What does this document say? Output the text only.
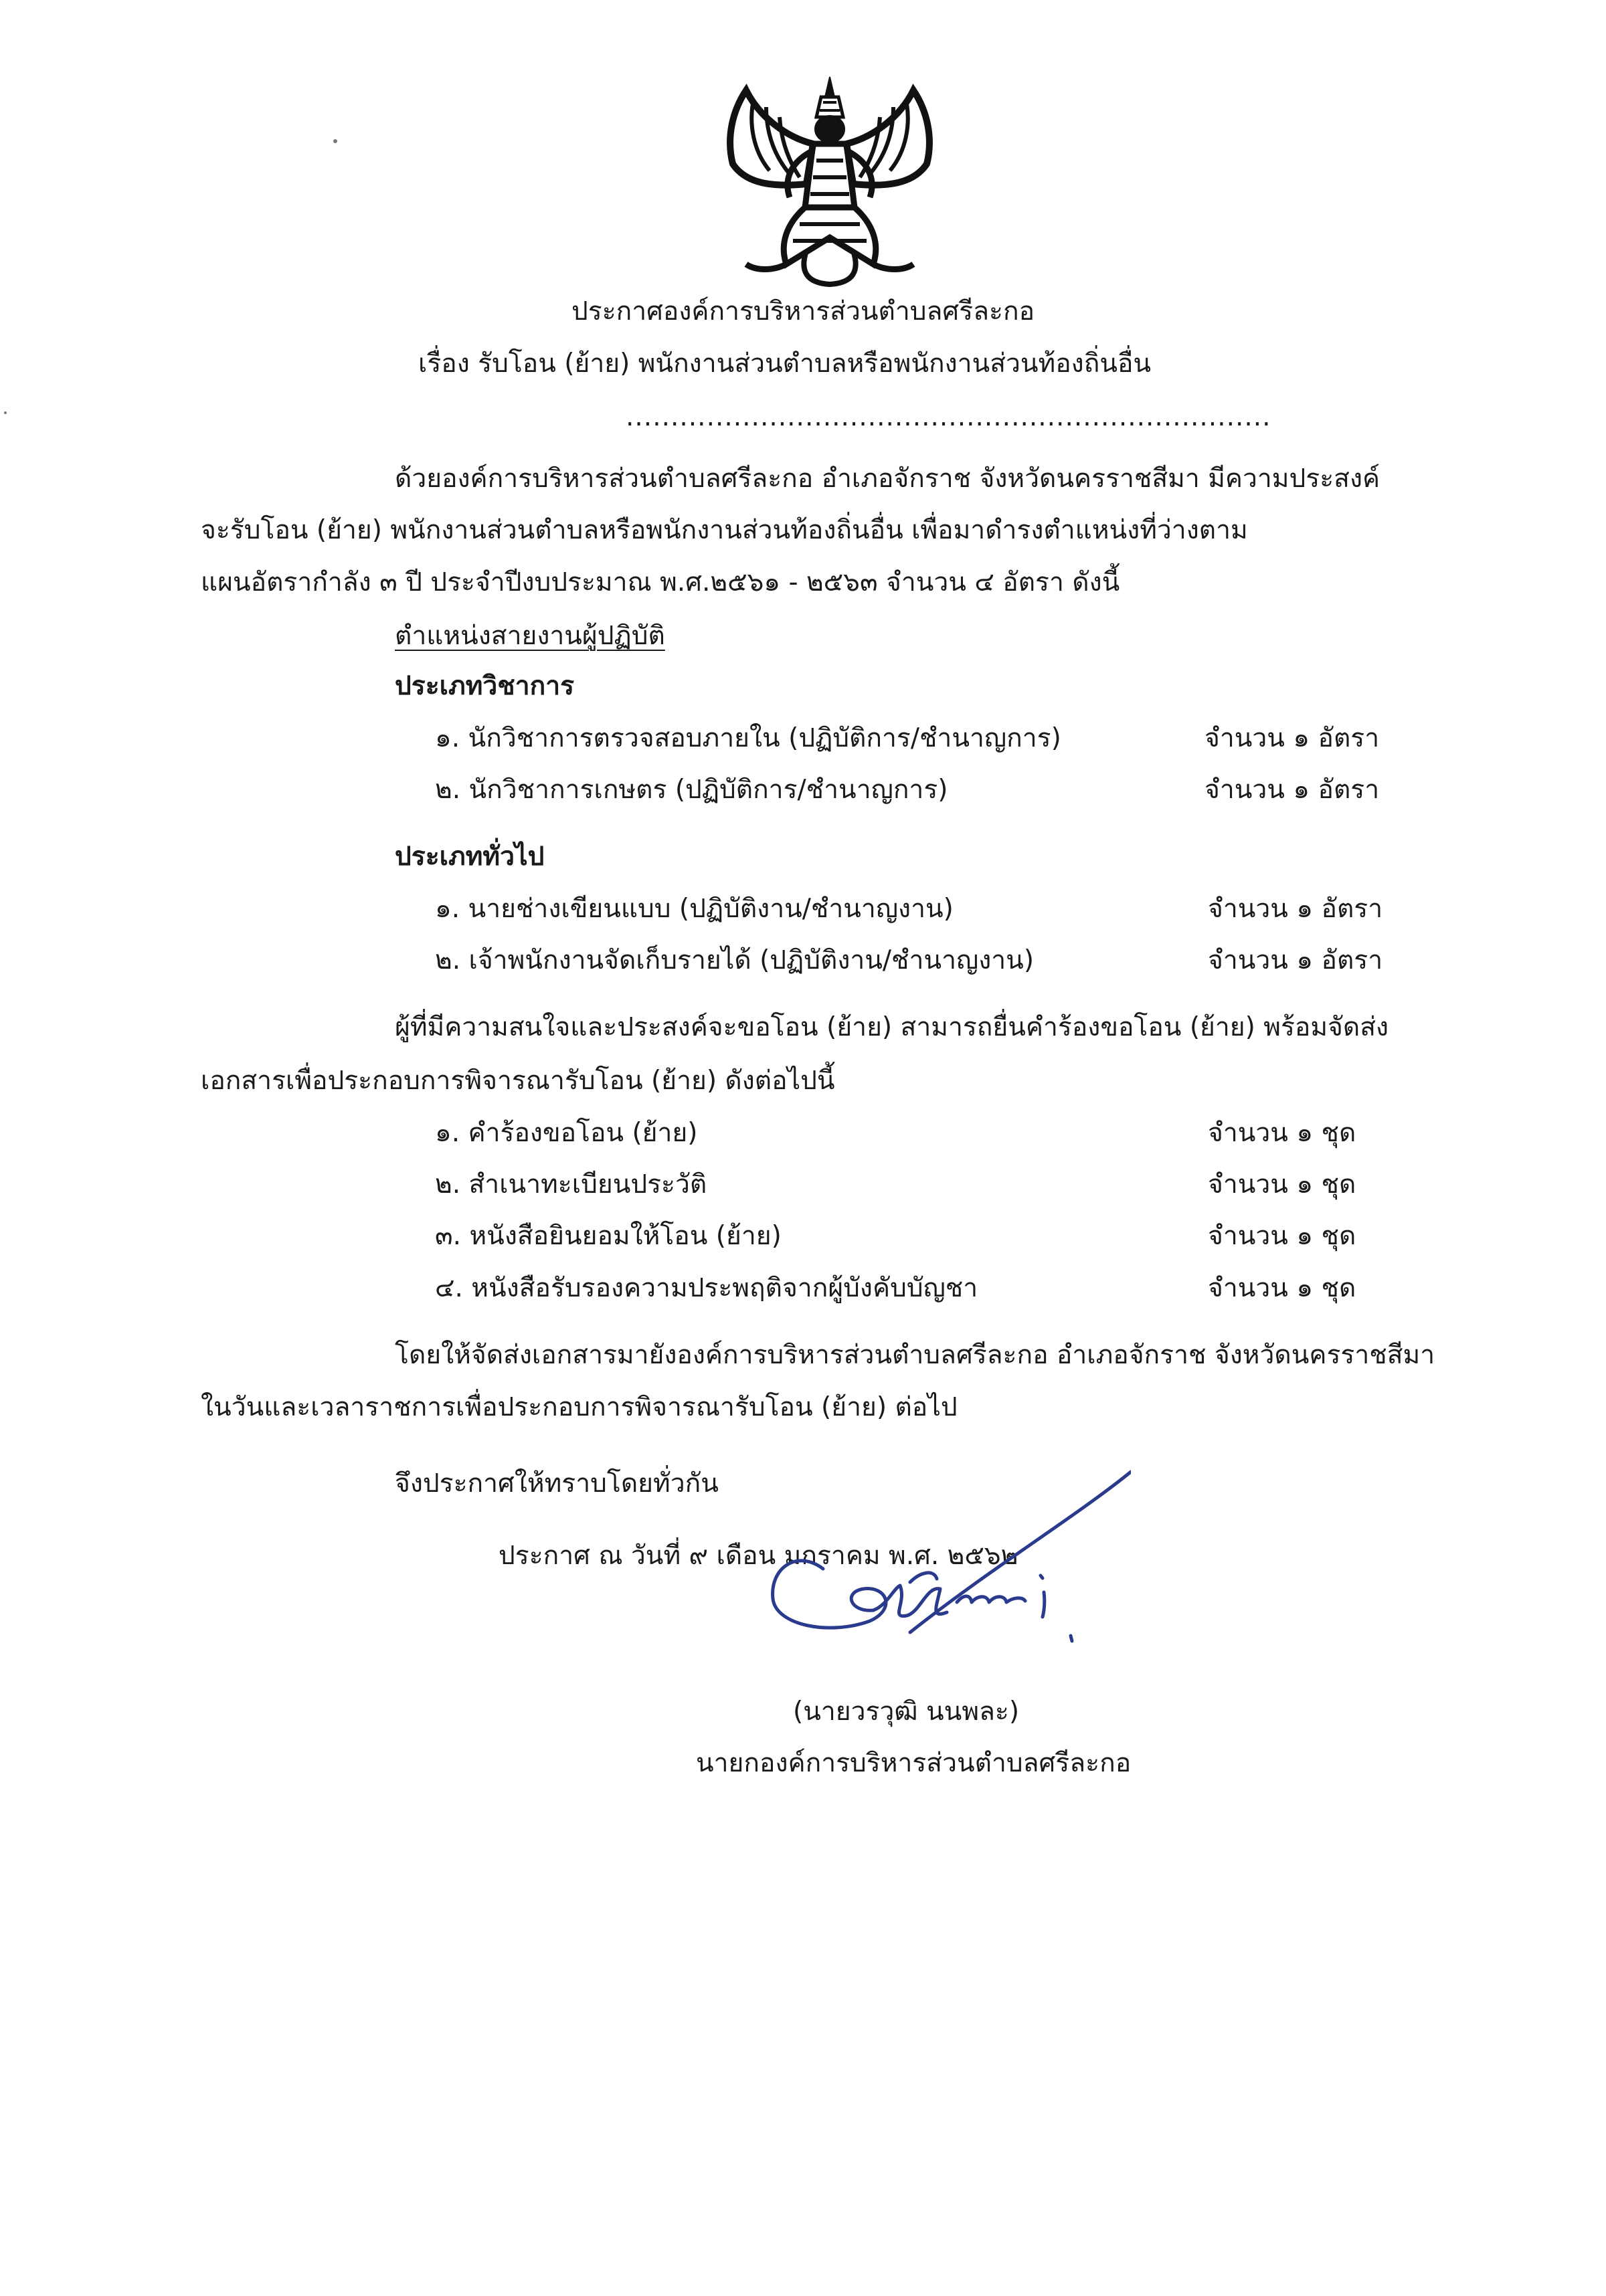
ประกาศองค์การบริหารส่วนตำบลศรีละกอ
เรื่อง รับโอน (ย้าย) พนักงานส่วนตำบลหรือพนักงานส่วนท้องถิ่นอื่น
........................................................................
ด้วยองค์การบริหารส่วนตำบลศรีละกอ อำเภอจักราช จังหวัดนครราชสีมา มีความประสงค์
จะรับโอน (ย้าย) พนักงานส่วนตำบลหรือพนักงานส่วนท้องถิ่นอื่น เพื่อมาดำรงตำแหน่งที่ว่างตาม
แผนอัตรากำลัง ๓ ปี ประจำปีงบประมาณ พ.ศ.๒๕๖๑ - ๒๕๖๓ จำนวน ๔ อัตรา ดังนี้
ตำแหน่งสายงานผู้ปฏิบัติ
ประเภทวิชาการ
๑. นักวิชาการตรวจสอบภายใน (ปฏิบัติการ/ชำนาญการ)	จำนวน ๑ อัตรา
๒. นักวิชาการเกษตร (ปฏิบัติการ/ชำนาญการ)	จำนวน ๑ อัตรา
ประเภททั่วไป
๑. นายช่างเขียนแบบ (ปฏิบัติงาน/ชำนาญงาน)	จำนวน ๑ อัตรา
๒. เจ้าพนักงานจัดเก็บรายได้ (ปฏิบัติงาน/ชำนาญงาน)	จำนวน ๑ อัตรา
ผู้ที่มีความสนใจและประสงค์จะขอโอน (ย้าย) สามารถยื่นคำร้องขอโอน (ย้าย) พร้อมจัดส่ง
เอกสารเพื่อประกอบการพิจารณารับโอน (ย้าย) ดังต่อไปนี้
๑. คำร้องขอโอน (ย้าย)	จำนวน ๑ ชุด
๒. สำเนาทะเบียนประวัติ	จำนวน ๑ ชุด
๓. หนังสือยินยอมให้โอน (ย้าย)	จำนวน ๑ ชุด
๔. หนังสือรับรองความประพฤติจากผู้บังคับบัญชา	จำนวน ๑ ชุด
โดยให้จัดส่งเอกสารมายังองค์การบริหารส่วนตำบลศรีละกอ อำเภอจักราช จังหวัดนครราชสีมา
ในวันและเวลาราชการเพื่อประกอบการพิจารณารับโอน (ย้าย) ต่อไป
จึงประกาศให้ทราบโดยทั่วกัน
ประกาศ ณ วันที่ ๙ เดือน มกราคม พ.ศ. ๒๕๖๒
(นายวรวุฒิ นนพละ)
นายกองค์การบริหารส่วนตำบลศรีละกอ
